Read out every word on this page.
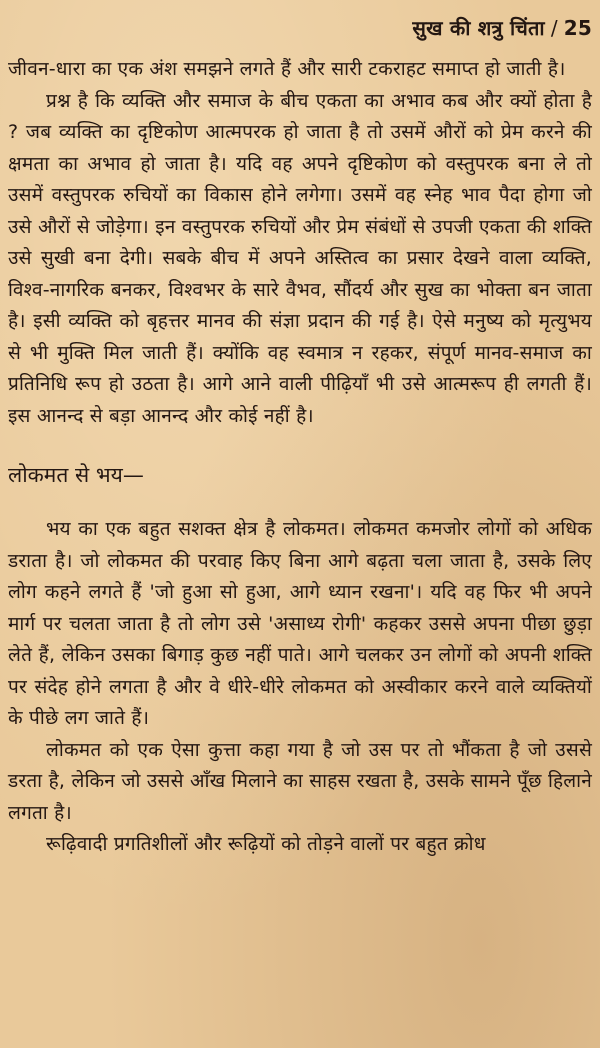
सुख की शत्रु चिंता / 25

जीवन-धारा का एक अंश समझने लगते हैं और सारी टकराहट समाप्त हो जाती है।

प्रश्न है कि व्यक्ति और समाज के बीच एकता का अभाव कब और क्यों होता है ? जब व्यक्ति का दृष्टिकोण आत्मपरक हो जाता है तो उसमें औरों को प्रेम करने की क्षमता का अभाव हो जाता है। यदि वह अपने दृष्टिकोण को वस्तुपरक बना ले तो उसमें वस्तुपरक रुचियों का विकास होने लगेगा। उसमें वह स्नेह भाव पैदा होगा जो उसे औरों से जोड़ेगा। इन वस्तुपरक रुचियों और प्रेम संबंधों से उपजी एकता की शक्ति उसे सुखी बना देगी। सबके बीच में अपने अस्तित्व का प्रसार देखने वाला व्यक्ति, विश्व-नागरिक बनकर, विश्वभर के सारे वैभव, सौंदर्य और सुख का भोक्ता बन जाता है। इसी व्यक्ति को बृहत्तर मानव की संज्ञा प्रदान की गई है। ऐसे मनुष्य को मृत्युभय से भी मुक्ति मिल जाती हैं। क्योंकि वह स्वमात्र न रहकर, संपूर्ण मानव-समाज का प्रतिनिधि रूप हो उठता है। आगे आने वाली पीढ़ियाँ भी उसे आत्मरूप ही लगती हैं। इस आनन्द से बड़ा आनन्द और कोई नहीं है।

लोकमत से भय—

भय का एक बहुत सशक्त क्षेत्र है लोकमत। लोकमत कमजोर लोगों को अधिक डराता है। जो लोकमत की परवाह किए बिना आगे बढ़ता चला जाता है, उसके लिए लोग कहने लगते हैं 'जो हुआ सो हुआ, आगे ध्यान रखना'। यदि वह फिर भी अपने मार्ग पर चलता जाता है तो लोग उसे 'असाध्य रोगी' कहकर उससे अपना पीछा छुड़ा लेते हैं, लेकिन उसका बिगाड़ कुछ नहीं पाते। आगे चलकर उन लोगों को अपनी शक्ति पर संदेह होने लगता है और वे धीरे-धीरे लोकमत को अस्वीकार करने वाले व्यक्तियों के पीछे लग जाते हैं।

लोकमत को एक ऐसा कुत्ता कहा गया है जो उस पर तो भौंकता है जो उससे डरता है, लेकिन जो उससे आँख मिलाने का साहस रखता है, उसके सामने पूँछ हिलाने लगता है।

रूढ़िवादी प्रगतिशीलों और रूढ़ियों को तोड़ने वालों पर बहुत क्रोध
